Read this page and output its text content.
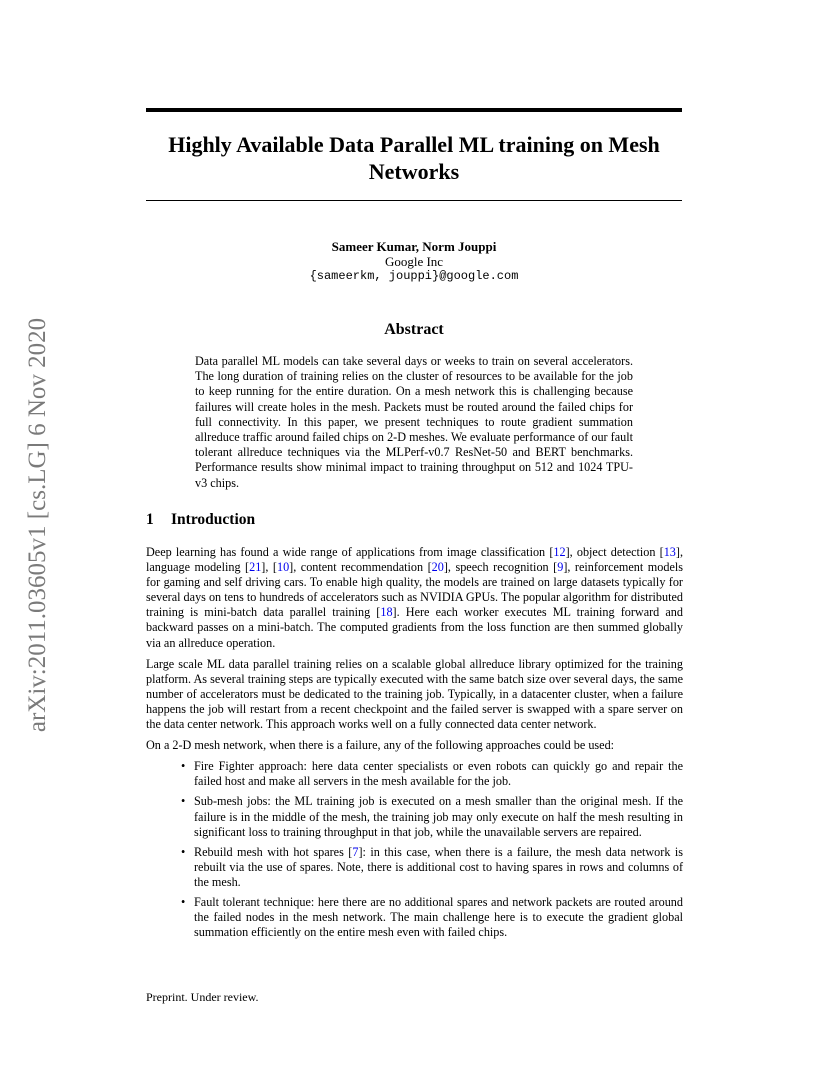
arXiv:2011.03605v1 [cs.LG] 6 Nov 2020
Highly Available Data Parallel ML training on Mesh Networks
Sameer Kumar, Norm Jouppi
Google Inc
{sameerkm, jouppi}@google.com
Abstract

Data parallel ML models can take several days or weeks to train on several accelerators. The long duration of training relies on the cluster of resources to be available for the job to keep running for the entire duration. On a mesh network this is challenging because failures will create holes in the mesh. Packets must be routed around the failed chips for full connectivity. In this paper, we present techniques to route gradient summation allreduce traffic around failed chips on 2-D meshes. We evaluate performance of our fault tolerant allreduce techniques via the MLPerf-v0.7 ResNet-50 and BERT benchmarks. Performance results show minimal impact to training throughput on 512 and 1024 TPU-v3 chips.

1 Introduction

Deep learning has found a wide range of applications from image classification [ 12 ] , object detection [ 13 ] , language modeling [ 21 ] , [ 10 ] , content recommendation [ 20 ] , speech recognition [ 9 ] , reinforcement models for gaming and self driving cars. To enable high quality, the models are trained on large datasets typically for several days on tens to hundreds of accelerators such as NVIDIA GPUs. The popular algorithm for distributed training is mini-batch data parallel training [ 18 ] . Here each worker executes ML training forward and backward passes on a mini-batch. The computed gradients from the loss function are then summed globally via an allreduce operation.

Large scale ML data parallel training relies on a scalable global allreduce library optimized for the training platform. As several training steps are typically executed with the same batch size over several days, the same number of accelerators must be dedicated to the training job. Typically, in a datacenter cluster, when a failure happens the job will restart from a recent checkpoint and the failed server is swapped with a spare server on the data center network. This approach works well on a fully connected data center network.

On a 2-D mesh network, when there is a failure, any of the following approaches could be used:

• Fire Fighter approach: here data center specialists or even robots can quickly go and repair the failed host and make all servers in the mesh available for the job.
• Sub-mesh jobs: the ML training job is executed on a mesh smaller than the original mesh. If the failure is in the middle of the mesh, the training job may only execute on half the mesh resulting in significant loss to training throughput in that job, while the unavailable servers are repaired.
• Rebuild mesh with hot spares [ 7 ] : in this case, when there is a failure, the mesh data network is rebuilt via the use of spares. Note, there is additional cost to having spares in rows and columns of the mesh.
• Fault tolerant technique: here there are no additional spares and network packets are routed around the failed nodes in the mesh network. The main challenge here is to execute the gradient global summation efficiently on the entire mesh even with failed chips.
Preprint. Under review.
